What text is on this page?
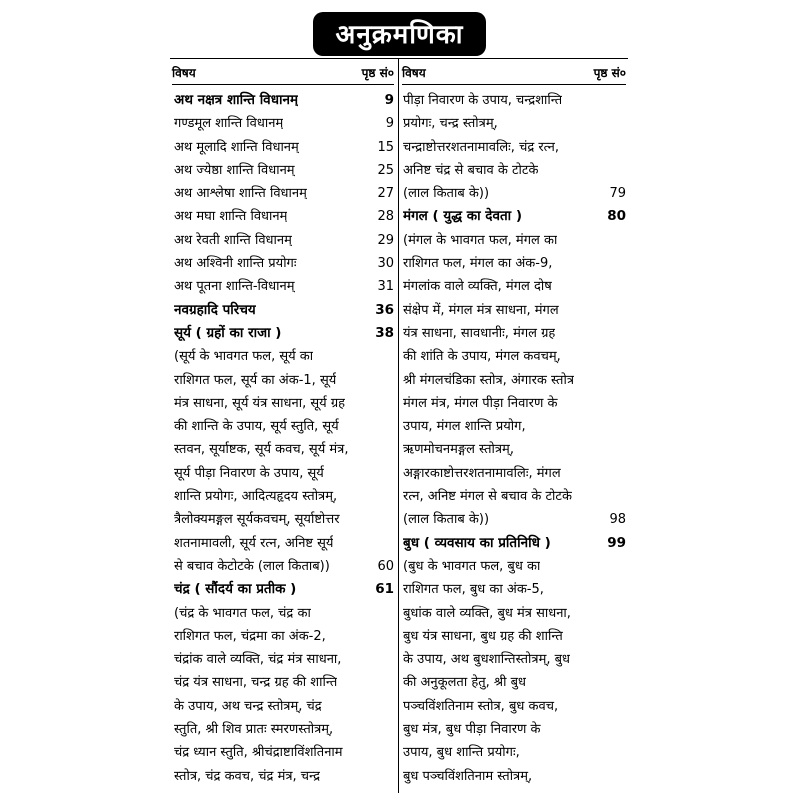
अनुक्रमणिका
विषय	पृष्ठ सं० विषय	पृष्ठ सं०
अथ नक्षत्र शान्ति विधानम्	9
गण्डमूल शान्ति विधानम्	9
अथ मूलादि शान्ति विधानम्	15
अथ ज्येष्ठा शान्ति विधानम्	25
अथ आश्लेषा शान्ति विधानम्	27
अथ मघा शान्ति विधानम्	28
अथ रेवती शान्ति विधानम्	29
अथ अश्विनी शान्ति प्रयोगः	30
अथ पूतना शान्ति-विधानम्	31
नवग्रहादि परिचय	36
सूर्य ( ग्रहों का राजा )	38
(सूर्य के भावगत फल, सूर्य का
राशिगत फल, सूर्य का अंक-1, सूर्य
मंत्र साधना, सूर्य यंत्र साधना, सूर्य ग्रह
की शान्ति के उपाय, सूर्य स्तुति, सूर्य
स्तवन, सूर्याष्टक, सूर्य कवच, सूर्य मंत्र,
सूर्य पीड़ा निवारण के उपाय, सूर्य
शान्ति प्रयोगः, आदित्यहृदय स्तोत्रम्,
त्रैलोक्यमङ्गल सूर्यकवचम्, सूर्याष्टोत्तर
शतनामावली, सूर्य रत्न, अनिष्ट सूर्य
से बचाव केटोटके (लाल किताब))	60
चंद्र ( सौंदर्य का प्रतीक )	61
(चंद्र के भावगत फल, चंद्र का
राशिगत फल, चंद्रमा का अंक-2,
चंद्रांक वाले व्यक्ति, चंद्र मंत्र साधना,
चंद्र यंत्र साधना, चन्द्र ग्रह की शान्ति
के उपाय, अथ चन्द्र स्तोत्रम्, चंद्र
स्तुति, श्री शिव प्रातः स्मरणस्तोत्रम्,
चंद्र ध्यान स्तुति, श्रीचंद्राष्टाविंशतिनाम
स्तोत्र, चंद्र कवच, चंद्र मंत्र, चन्द्र
पीड़ा निवारण के उपाय, चन्द्रशान्ति
प्रयोगः, चन्द्र स्तोत्रम्,
चन्द्राष्टोत्तरशतनामावलिः, चंद्र रत्न,
अनिष्ट चंद्र से बचाव के टोटके
(लाल किताब के))	79
मंगल ( युद्ध का देवता )	80
(मंगल के भावगत फल, मंगल का
राशिगत फल, मंगल का अंक-9,
मंगलांक वाले व्यक्ति, मंगल दोष
संक्षेप में, मंगल मंत्र साधना, मंगल
यंत्र साधना, सावधानीः, मंगल ग्रह
की शांति के उपाय, मंगल कवचम्,
श्री मंगलचंडिका स्तोत्र, अंगारक स्तोत्र
मंगल मंत्र, मंगल पीड़ा निवारण के
उपाय, मंगल शान्ति प्रयोग,
ऋणमोचनमङ्गल स्तोत्रम्,
अङ्गारकाष्टोत्तरशतनामावलिः, मंगल
रत्न, अनिष्ट मंगल से बचाव के टोटके
(लाल किताब के))	98
बुध ( व्यवसाय का प्रतिनिधि )	99
(बुध के भावगत फल, बुध का
राशिगत फल, बुध का अंक-5,
बुधांक वाले व्यक्ति, बुध मंत्र साधना,
बुध यंत्र साधना, बुध ग्रह की शान्ति
के उपाय, अथ बुधशान्तिस्तोत्रम्, बुध
की अनुकूलता हेतु, श्री बुध
पञ्चविंशतिनाम स्तोत्र, बुध कवच,
बुध मंत्र, बुध पीड़ा निवारण के
उपाय, बुध शान्ति प्रयोगः,
बुध पञ्चविंशतिनाम स्तोत्रम्,
